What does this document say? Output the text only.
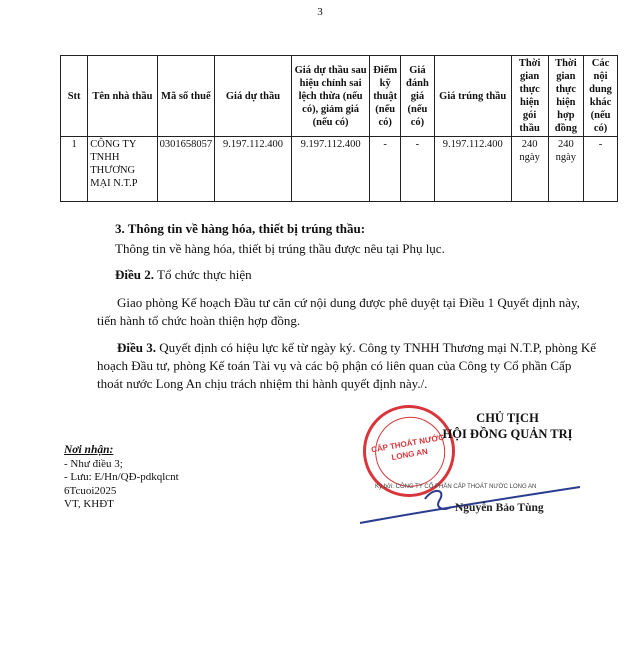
3
Stt	Tên nhà thầu	Mã số thuế	Giá dự thầu	Giá dự thầu sau hiệu chỉnh sai lệch thừa (nếu có), giảm giá (nếu có)	Điểm kỹ thuật (nếu có)	Giá đánh giá (nếu có)	Giá trúng thầu	Thời gian thực hiện gói thầu	Thời gian thực hiện hợp đồng	Các nội dung khác (nếu có)
1	CÔNG TY TNHH THƯƠNG MẠI N.T.P	0301658057	9.197.112.400	9.197.112.400	-	-	9.197.112.400	240 ngày	240 ngày	-
3. Thông tin về hàng hóa, thiết bị trúng thầu:
Thông tin về hàng hóa, thiết bị trúng thầu được nêu tại Phụ lục.
Điều 2. Tổ chức thực hiện
Giao phòng Kế hoạch Đầu tư căn cứ nội dung được phê duyệt tại Điều 1 Quyết định này, tiến hành tổ chức hoàn thiện hợp đồng.
Điều 3. Quyết định có hiệu lực kể từ ngày ký. Công ty TNHH Thương mại N.T.P, phòng Kế hoạch Đầu tư, phòng Kế toán Tài vụ và các bộ phận có liên quan của Công ty Cổ phần Cấp thoát nước Long An chịu trách nhiệm thi hành quyết định này./.
Nơi nhận:
- Như điều 3;
- Lưu: E/Hn/QĐ-pdkqlcnt
6Tcuoi2025
VT, KHĐT
CẤP THOÁT NƯỚC LONG AN
CHỦ TỊCH
HỘI ĐỒNG QUẢN TRỊ
Ký bởi: CÔNG TY CỔ PHẦN CẤP THOÁT NƯỚC LONG AN
Nguyễn Bảo Tùng
